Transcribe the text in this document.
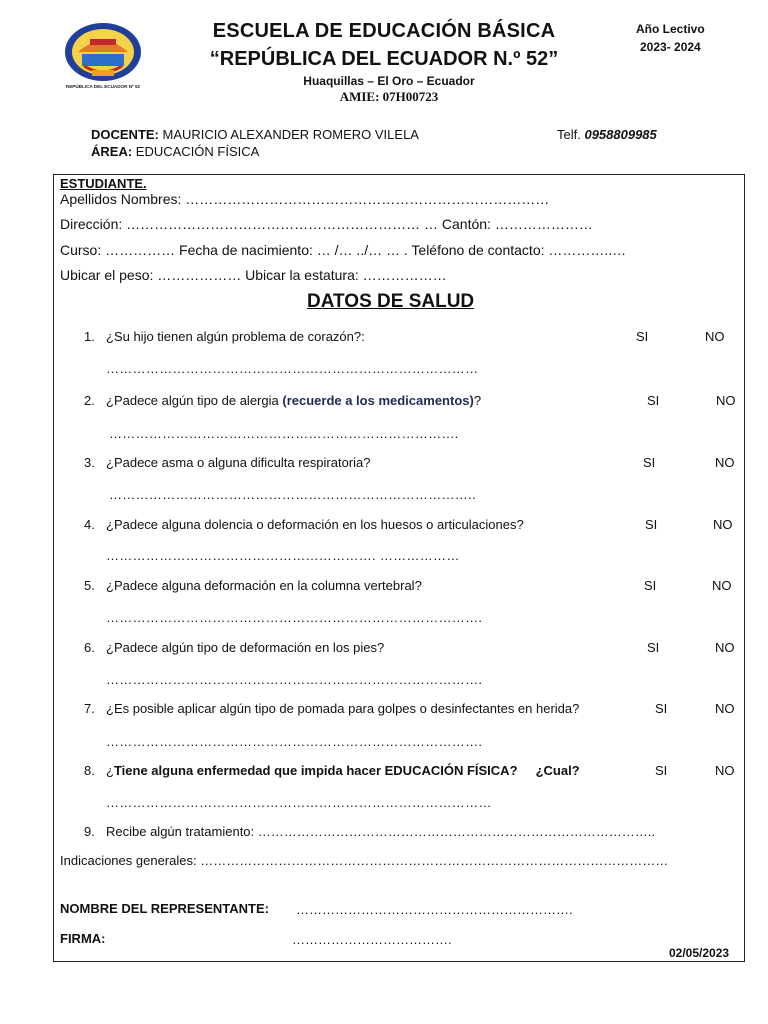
REPÚBLICA DEL ECUADOR Nº 52
ESCUELA DE EDUCACIÓN BÁSICA
“REPÚBLICA DEL ECUADOR N.º 52”
Huaquillas – El Oro – Ecuador
AMIE: 07H00723
Año Lectivo
2023- 2024
DOCENTE: MAURICIO ALEXANDER ROMERO VILELA	Telf. 0958809985
ÁREA: EDUCACIÓN FÍSICA
ESTUDIANTE.
Apellidos Nombres: ……………………………………………………………………
Dirección: ……………………………………………………… … Cantón: …………………
Curso: …………… Fecha de nacimiento: … /… ../… … . Teléfono de contacto: …………..…
Ubicar el peso: ……………… Ubicar la estatura: ………………
DATOS DE SALUD
1. ¿Su hijo tienen algún problema de corazón?:	SI	NO
…………………………………………………………………………
2. ¿Padece algún tipo de alergia (recuerde a los medicamentos)?	SI	NO
…………………………………………………………………….
3. ¿Padece asma o alguna dificulta respiratoria?	SI	NO
………………………………………………………………………..
4. ¿Padece alguna dolencia o deformación en los huesos o articulaciones?	SI	NO
……………………………………………………. ………………
5. ¿Padece alguna deformación en la columna vertebral?	SI	NO
………………………………………………………………………….
6. ¿Padece algún tipo de deformación en los pies?	SI	NO
………………………………………………………………………….
7. ¿Es posible aplicar algún tipo de pomada para golpes o desinfectantes en herida?	SI	NO
………………………………………………………………………….
8. ¿Tiene alguna enfermedad que impida hacer EDUCACIÓN FÍSICA?     ¿Cual?	SI	NO
……………………………………………………………………………
9. Recibe algún tratamiento: ………………………………………………………………………………..
Indicaciones generales: ………………………………………………………………………………………………
NOMBRE DEL REPRESENTANTE: ……………………………………………………….
FIRMA:	……………………………….
02/05/2023
